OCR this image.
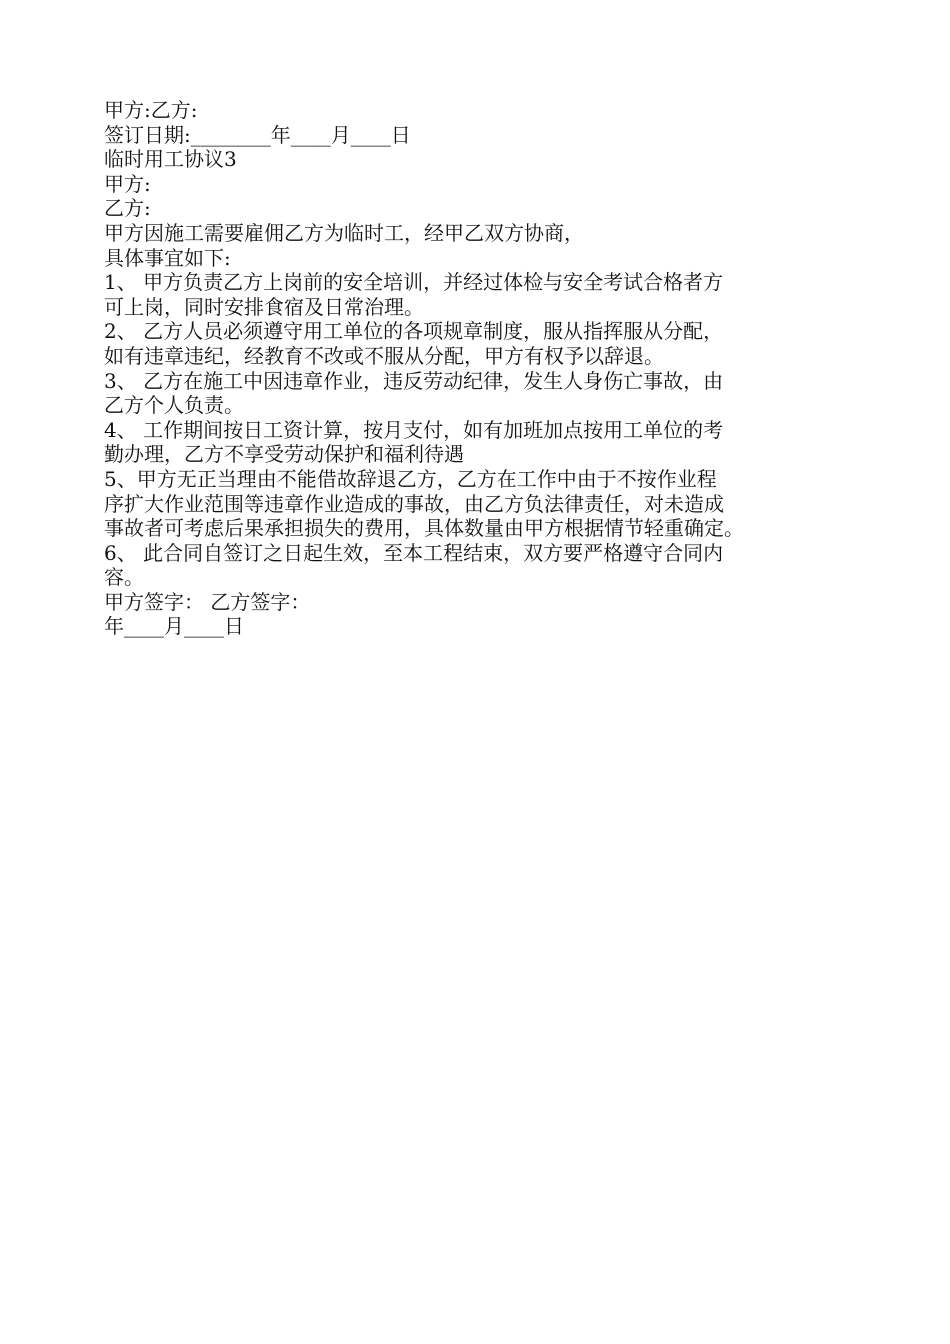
甲方:乙方:
签订日期:________年____月____日
临时用工协议3
甲方:
乙方:
甲方因施工需要雇佣乙方为临时工，经甲乙双方协商，
具体事宜如下:
1、 甲方负责乙方上岗前的安全培训，并经过体检与安全考试合格者方
可上岗，同时安排食宿及日常治理。
2、 乙方人员必须遵守用工单位的各项规章制度，服从指挥服从分配，
如有违章违纪，经教育不改或不服从分配，甲方有权予以辞退。
3、 乙方在施工中因违章作业，违反劳动纪律，发生人身伤亡事故，由
乙方个人负责。
4、 工作期间按日工资计算，按月支付，如有加班加点按用工单位的考
勤办理，乙方不享受劳动保护和福利待遇
5、甲方无正当理由不能借故辞退乙方，乙方在工作中由于不按作业程
序扩大作业范围等违章作业造成的事故，由乙方负法律责任，对未造成
事故者可考虑后果承担损失的费用，具体数量由甲方根据情节轻重确定。
6、 此合同自签订之日起生效，至本工程结束，双方要严格遵守合同内
容。
甲方签字： 乙方签字：
年____月____日
